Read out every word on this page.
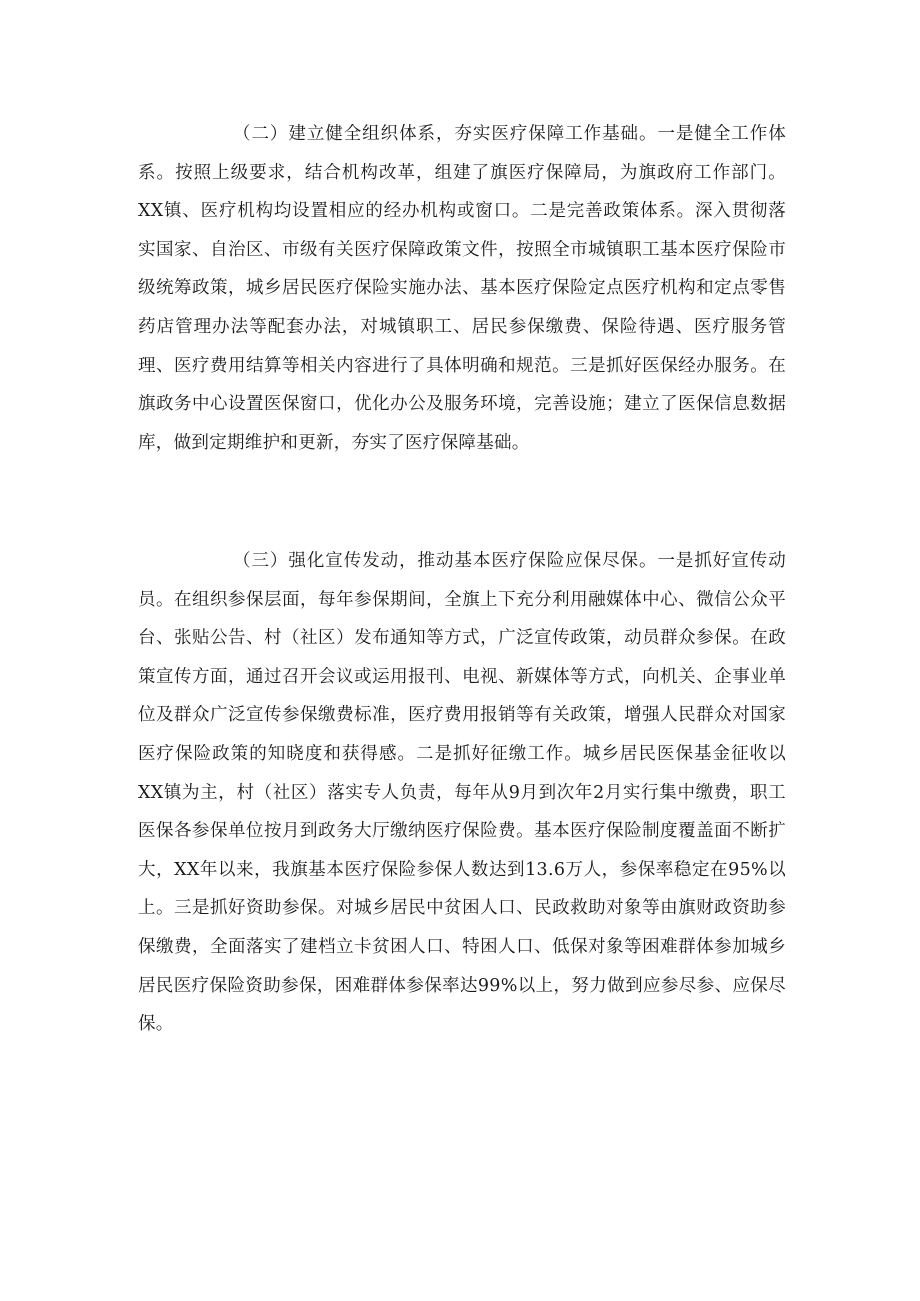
（二）建立健全组织体系，夯实医疗保障工作基础。一是健全工作体系。按照上级要求，结合机构改革，组建了旗医疗保障局，为旗政府工作部门。XX镇、医疗机构均设置相应的经办机构或窗口。二是完善政策体系。深入贯彻落实国家、自治区、市级有关医疗保障政策文件，按照全市城镇职工基本医疗保险市级统筹政策，城乡居民医疗保险实施办法、基本医疗保险定点医疗机构和定点零售药店管理办法等配套办法，对城镇职工、居民参保缴费、保险待遇、医疗服务管理、医疗费用结算等相关内容进行了具体明确和规范。三是抓好医保经办服务。在旗政务中心设置医保窗口，优化办公及服务环境，完善设施；建立了医保信息数据库，做到定期维护和更新，夯实了医疗保障基础。

（三）强化宣传发动，推动基本医疗保险应保尽保。一是抓好宣传动员。在组织参保层面，每年参保期间，全旗上下充分利用融媒体中心、微信公众平台、张贴公告、村（社区）发布通知等方式，广泛宣传政策，动员群众参保。在政策宣传方面，通过召开会议或运用报刊、电视、新媒体等方式，向机关、企事业单位及群众广泛宣传参保缴费标准，医疗费用报销等有关政策，增强人民群众对国家医疗保险政策的知晓度和获得感。二是抓好征缴工作。城乡居民医保基金征收以XX镇为主，村（社区）落实专人负责，每年从9月到次年2月实行集中缴费，职工医保各参保单位按月到政务大厅缴纳医疗保险费。基本医疗保险制度覆盖面不断扩大，XX年以来，我旗基本医疗保险参保人数达到13.6万人，参保率稳定在95%以上。三是抓好资助参保。对城乡居民中贫困人口、民政救助对象等由旗财政资助参保缴费，全面落实了建档立卡贫困人口、特困人口、低保对象等困难群体参加城乡居民医疗保险资助参保，困难群体参保率达99%以上，努力做到应参尽参、应保尽保。
